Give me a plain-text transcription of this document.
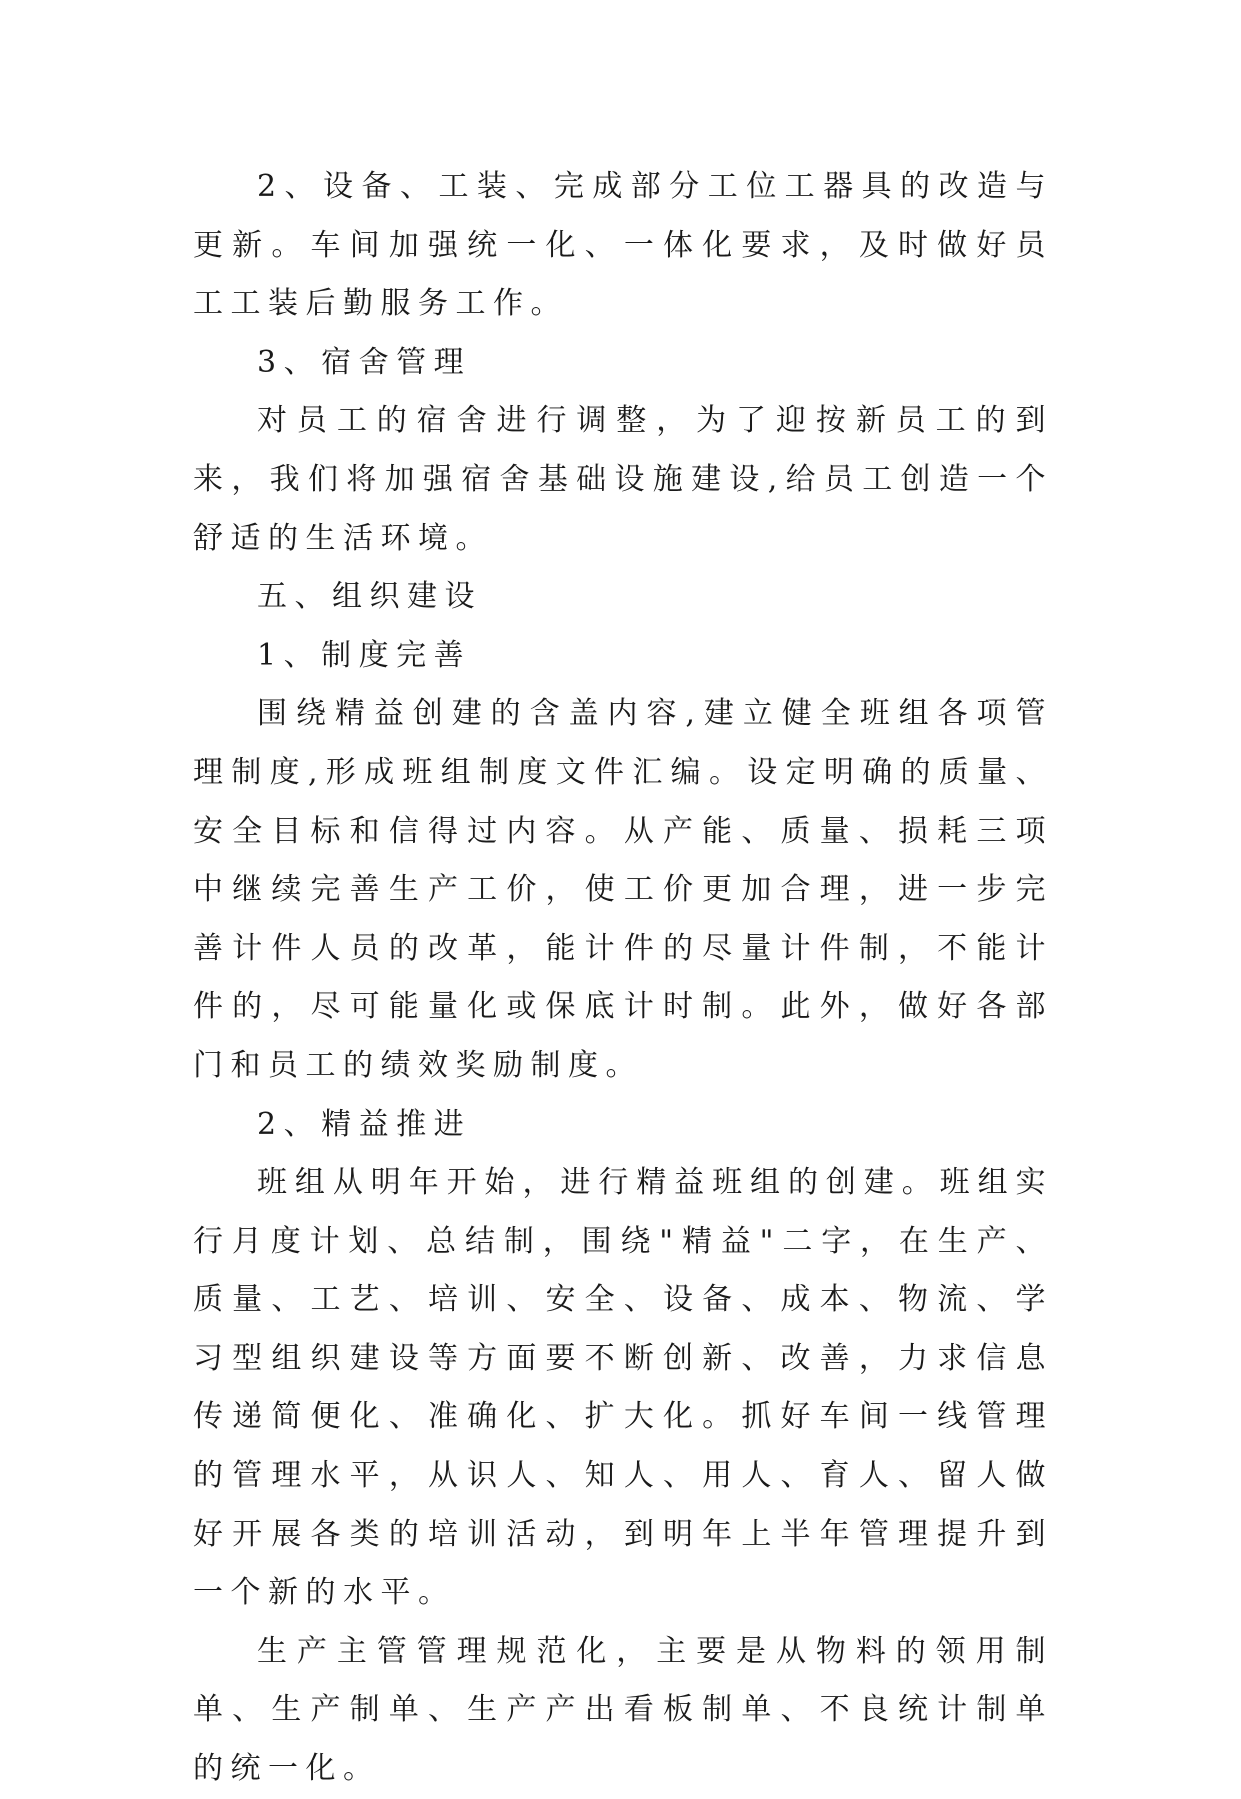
2、设备、工装、完成部分工位工器具的改造与更新。车间加强统一化、一体化要求，及时做好员工工装后勤服务工作。

3、宿舍管理

对员工的宿舍进行调整，为了迎按新员工的到来，我们将加强宿舍基础设施建设,给员工创造一个舒适的生活环境。

五、组织建设

1、制度完善

围绕精益创建的含盖内容,建立健全班组各项管理制度,形成班组制度文件汇编。设定明确的质量、安全目标和信得过内容。从产能、质量、损耗三项中继续完善生产工价，使工价更加合理，进一步完善计件人员的改革，能计件的尽量计件制，不能计件的，尽可能量化或保底计时制。此外，做好各部门和员工的绩效奖励制度。

2、精益推进

班组从明年开始，进行精益班组的创建。班组实行月度计划、总结制，围绕"精益"二字，在生产、质量、工艺、培训、安全、设备、成本、物流、学习型组织建设等方面要不断创新、改善，力求信息传递简便化、准确化、扩大化。抓好车间一线管理的管理水平，从识人、知人、用人、育人、留人做好开展各类的培训活动，到明年上半年管理提升到一个新的水平。

生产主管管理规范化，主要是从物料的领用制单、生产制单、生产产出看板制单、不良统计制单的统一化。
